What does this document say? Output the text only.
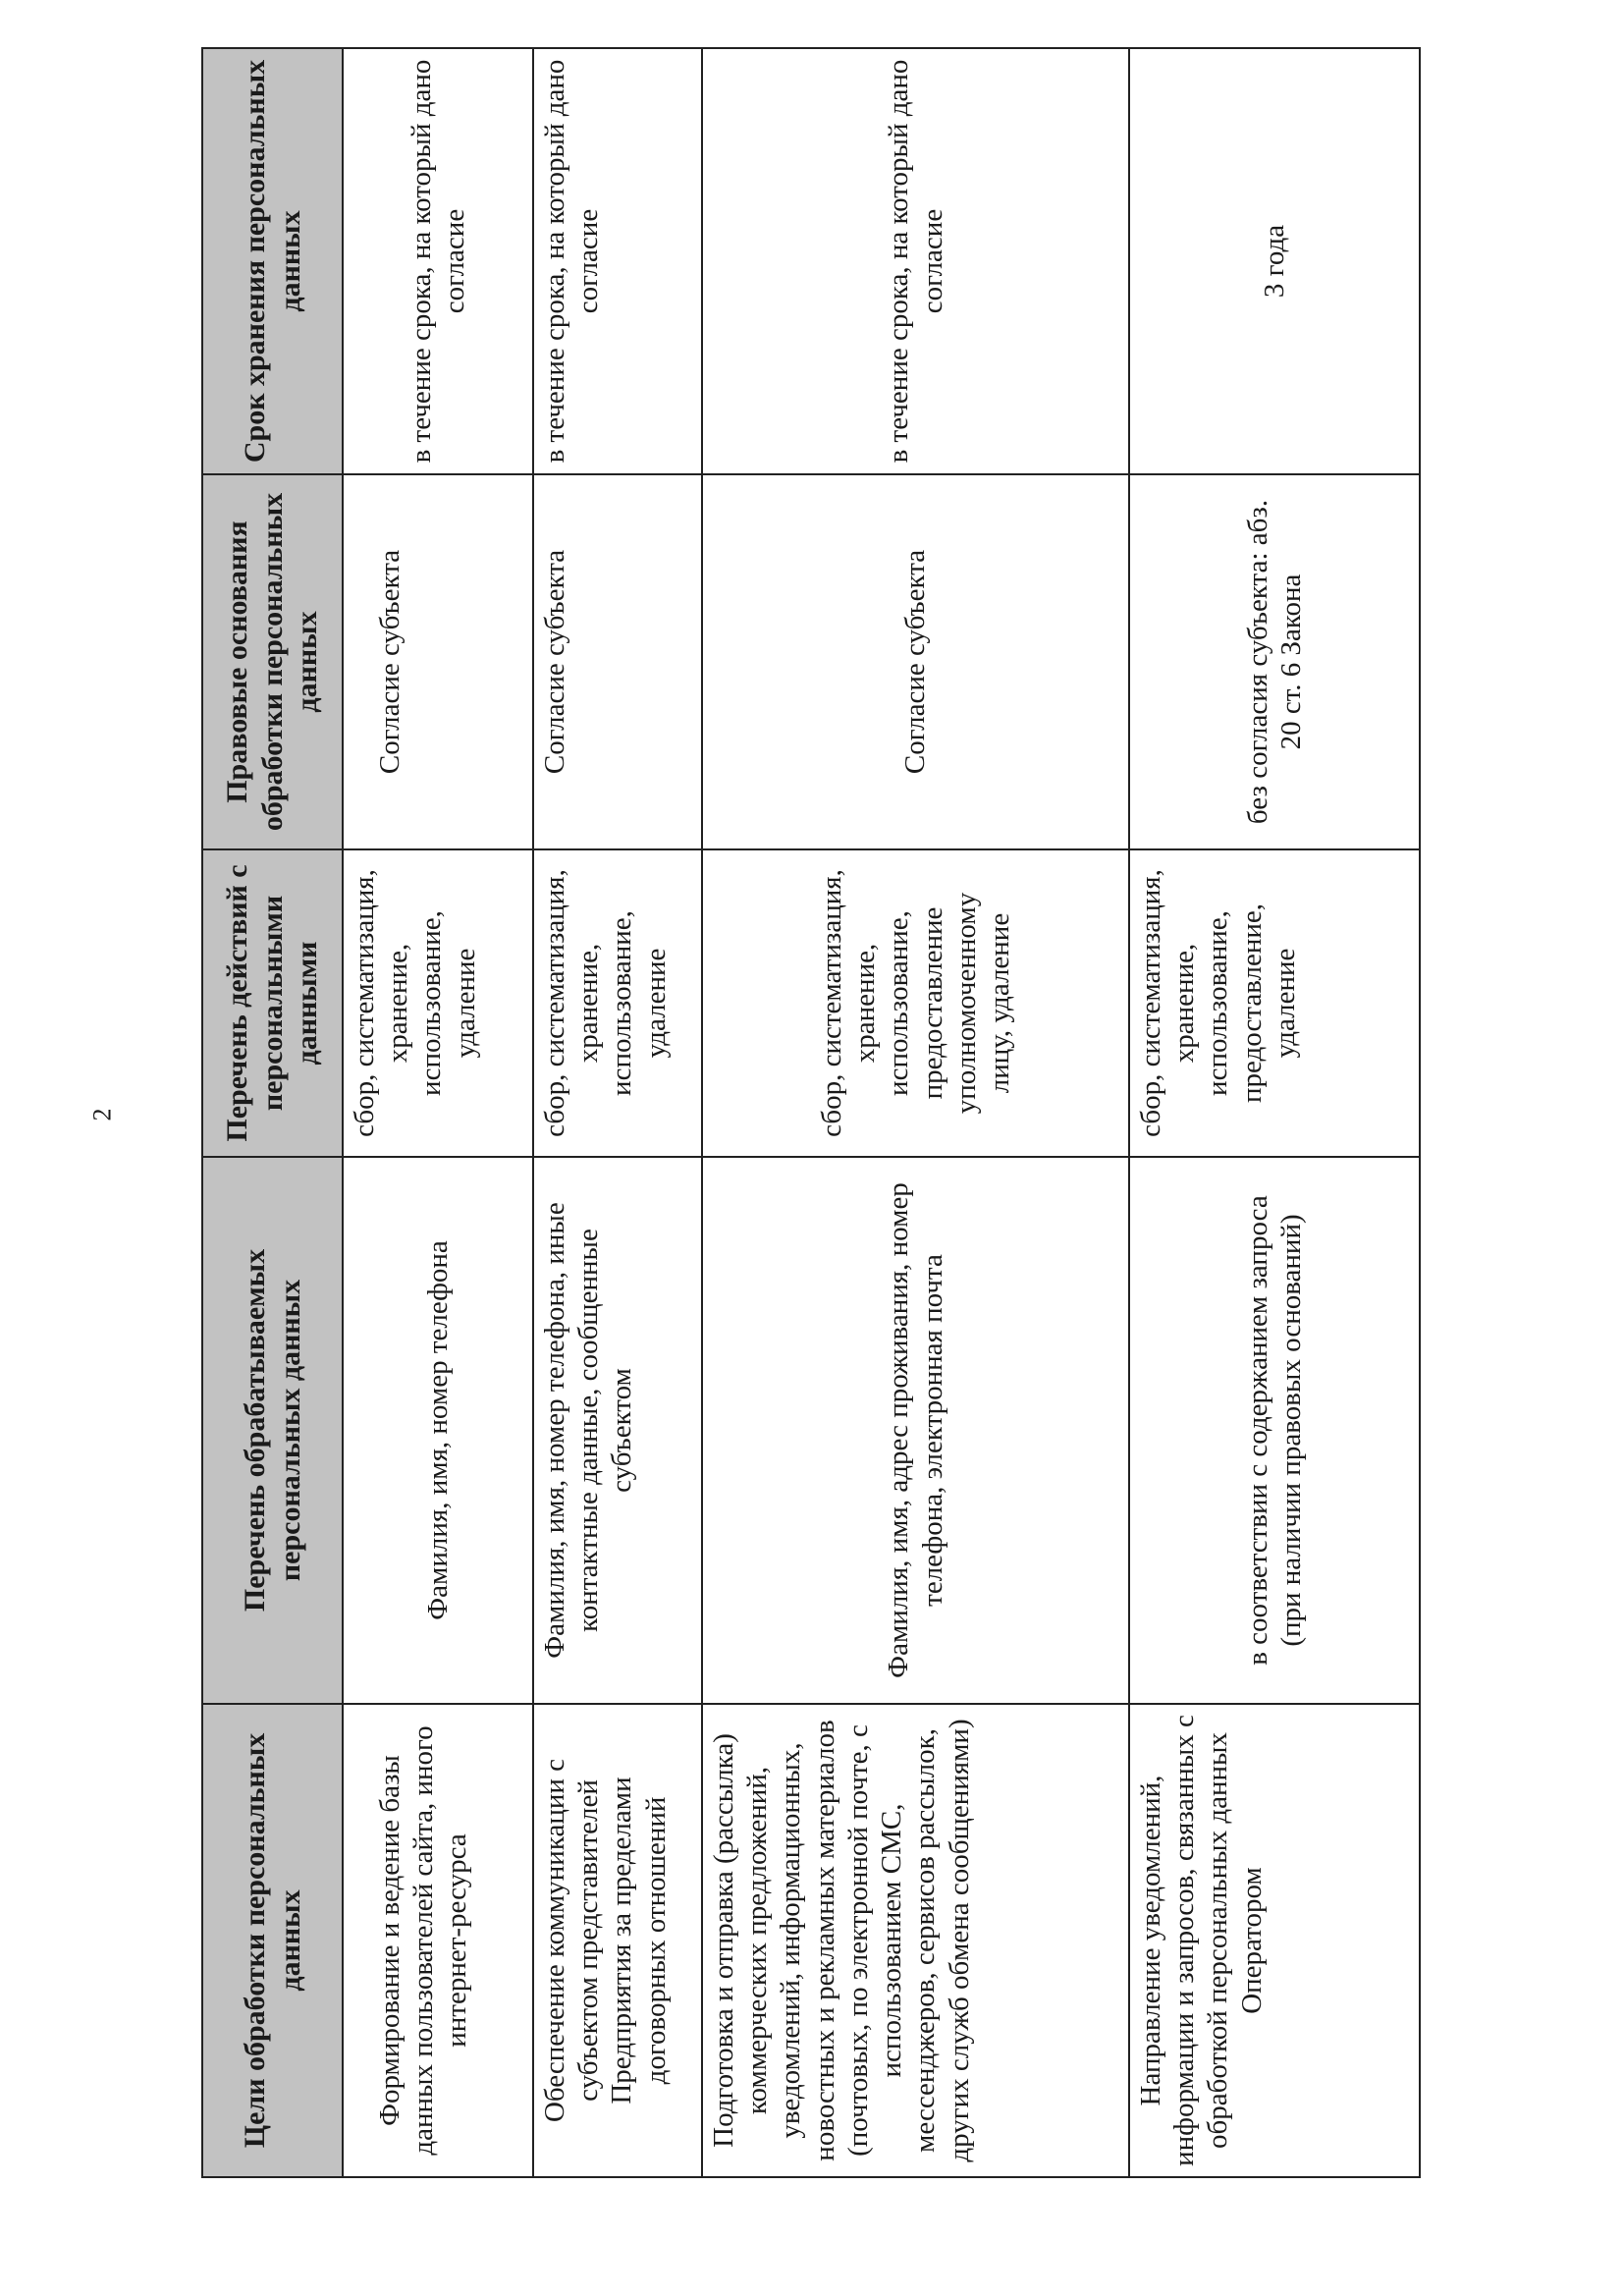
2
Цели обработки персональных данных	Перечень обрабатываемых персональных данных	Перечень действий с персональными данными	Правовые основания обработки персональных данных	Срок хранения персональных данных
Формирование и ведение базы данных пользователей сайта, иного интернет-ресурса	Фамилия, имя, номер телефона	сбор, систематизация, хранение, использование, удаление	Согласие субъекта	в течение срока, на который дано согласие
Обеспечение коммуникации с субъектом представителей Предприятия за пределами договорных отношений	Фамилия, имя, номер телефона, иные контактные данные, сообщенные субъектом	сбор, систематизация, хранение, использование, удаление	Согласие субъекта	в течение срока, на который дано согласие
Подготовка и отправка (рассылка) коммерческих предложений, уведомлений, информационных, новостных и рекламных материалов (почтовых, по электронной почте, с использованием СМС, мессенджеров, сервисов рассылок, других служб обмена сообщениями)	Фамилия, имя, адрес проживания, номер телефона, электронная почта	сбор, систематизация, хранение, использование, предоставление уполномоченному лицу, удаление	Согласие субъекта	в течение срока, на который дано согласие
Направление уведомлений, информации и запросов, связанных с обработкой персональных данных Оператором	в соответствии с содержанием запроса (при наличии правовых оснований)	сбор, систематизация, хранение, использование, предоставление, удаление	без согласия субъекта: абз. 20 ст. 6 Закона	3 года
